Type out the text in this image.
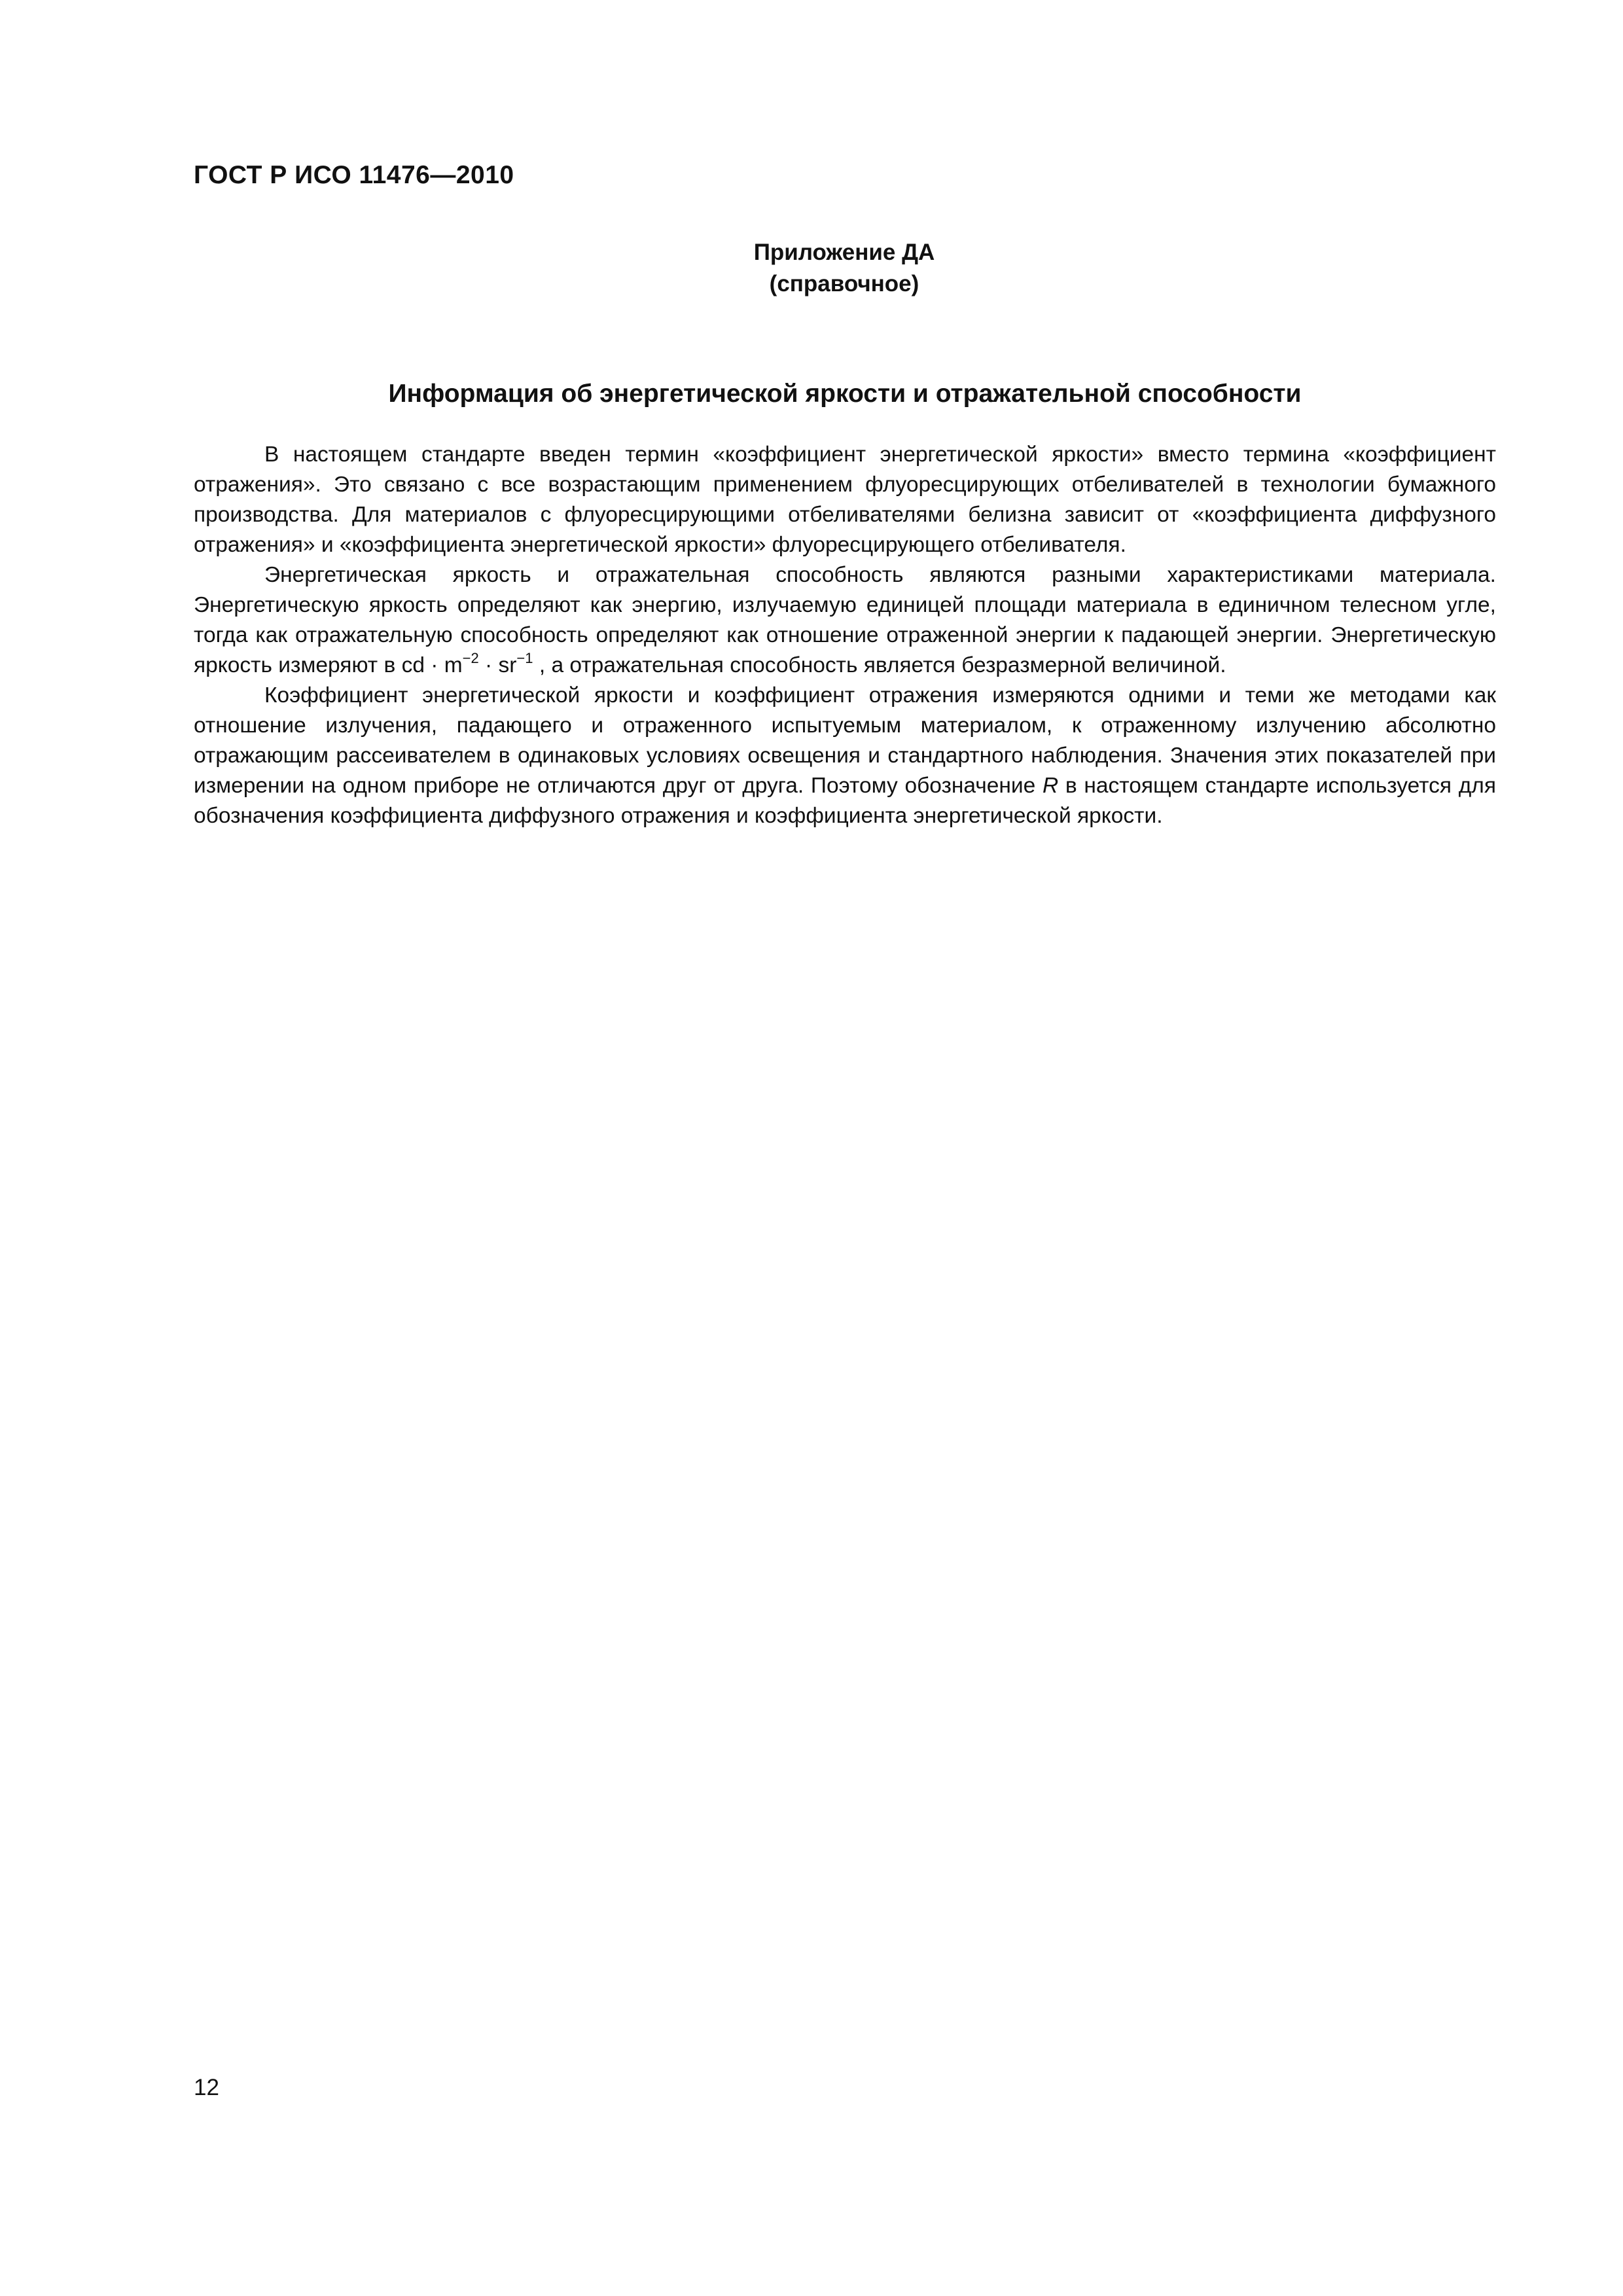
ГОСТ Р ИСО 11476—2010
Приложение ДА
(справочное)
Информация об энергетической яркости и отражательной способности

В настоящем стандарте введен термин «коэффициент энергетической яркости» вместо термина «коэффициент отражения». Это связано с все возрастающим применением флуоресцирующих отбеливателей в технологии бумажного производства. Для материалов с флуоресцирующими отбеливателями белизна зависит от «коэффициента диффузного отражения» и «коэффициента энергетической яркости» флуоресцирующего отбеливателя.

Энергетическая яркость и отражательная способность являются разными характеристиками материала. Энергетическую яркость определяют как энергию, излучаемую единицей площади материала в единичном телесном угле, тогда как отражательную способность определяют как отношение отраженной энергии к падающей энергии. Энергетическую яркость измеряют в cd · $m^{-2} \cdot sr^{-1}$ , а отражательная способность является безразмерной величиной.

Коэффициент энергетической яркости и коэффициент отражения измеряются одними и теми же методами как отношение излучения, падающего и отраженного испытуемым материалом, к отраженному излучению абсолютно отражающим рассеивателем в одинаковых условиях освещения и стандартного наблюдения. Значения этих показателей при измерении на одном приборе не отличаются друг от друга. Поэтому обозначение R в настоящем стандарте используется для обозначения коэффициента диффузного отражения и коэффициента энергетической яркости.

12
